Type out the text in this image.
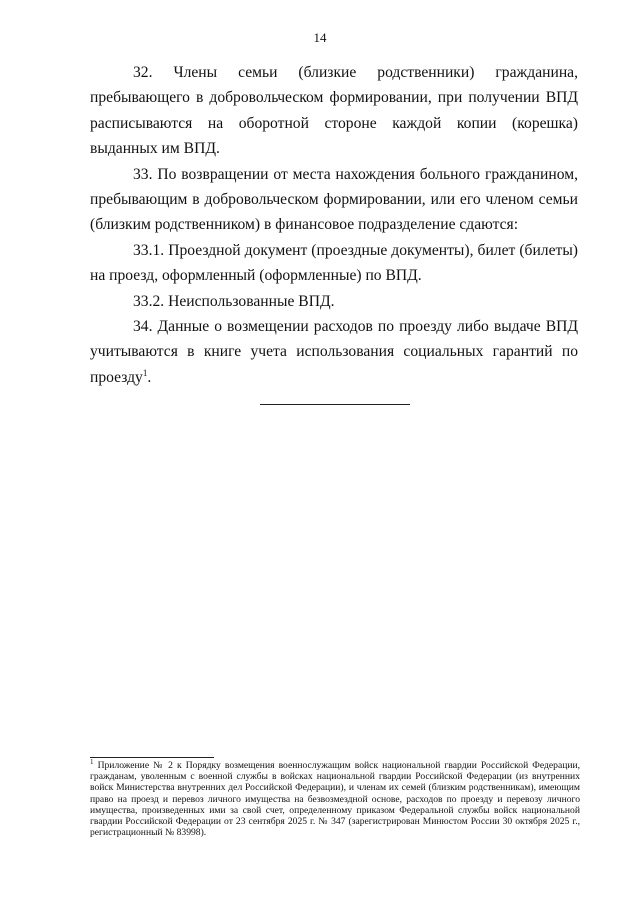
14

32. Члены семьи (близкие родственники) гражданина, пребывающего в добровольческом формировании, при получении ВПД расписываются на оборотной стороне каждой копии (корешка) выданных им ВПД.

33. По возвращении от места нахождения больного гражданином, пребывающим в добровольческом формировании, или его членом семьи (близким родственником) в финансовое подразделение сдаются:

33.1. Проездной документ (проездные документы), билет (билеты) на проезд, оформленный (оформленные) по ВПД.

33.2. Неиспользованные ВПД.

34. Данные о возмещении расходов по проезду либо выдаче ВПД учитываются в книге учета использования социальных гарантий по проезду$^1$.

$^1$ Приложение № 2 к Порядку возмещения военнослужащим войск национальной гвардии Российской Федерации, гражданам, уволенным с военной службы в войсках национальной гвардии Российской Федерации (из внутренних войск Министерства внутренних дел Российской Федерации), и членам их семей (близким родственникам), имеющим право на проезд и перевоз личного имущества на безвозмездной основе, расходов по проезду и перевозу личного имущества, произведенных ими за свой счет, определенному приказом Федеральной службы войск национальной гвардии Российской Федерации от 23 сентября 2025 г. № 347 (зарегистрирован Минюстом России 30 октября 2025 г., регистрационный № 83998).
